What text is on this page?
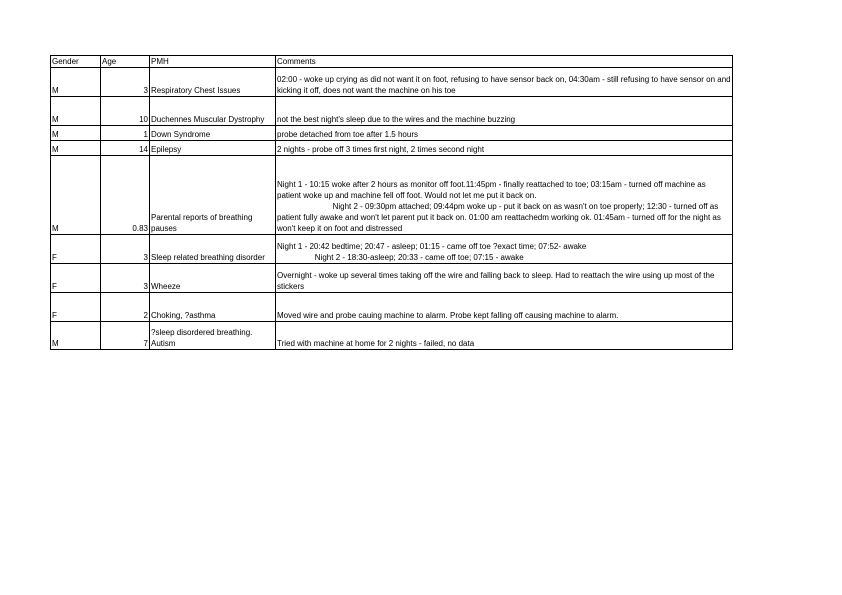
Gender	Age	PMH	Comments
M	3	Respiratory Chest Issues	02:00 - woke up crying as did not want it on foot, refusing to have sensor back on, 04:30am - still refusing to have sensor on and kicking it off, does not want the machine on his toe
M	10	Duchennes Muscular Dystrophy	not the best night's sleep due to the wires and the machine buzzing
M	1	Down Syndrome	probe detached from toe after 1.5 hours
M	14	Epilepsy	2 nights - probe off 3 times first night, 2 times second night
M	0.83	Parental reports of breathing pauses	Night 1 - 10:15 woke after 2 hours as monitor off foot.11:45pm - finally reattached to toe; 03:15am - turned off machine as patient woke up and machine fell off foot. Would not let me put it back on.
Night 2 - 09:30pm attached; 09:44pm woke up - put it back on as wasn't on toe properly; 12:30 - turned off as patient fully awake and won't let parent put it back on. 01:00 am reattachedm working ok. 01:45am - turned off for the night as won't keep it on foot and distressed
F	3	Sleep related breathing disorder	Night 1 - 20:42 bedtime; 20:47 - asleep; 01:15 - came off toe ?exact time; 07:52- awake
Night 2 - 18:30-asleep; 20:33 - came off toe; 07:15 - awake
F	3	Wheeze	Overnight - woke up several times taking off the wire and falling back to sleep. Had to reattach the wire using up most of the stickers
F	2	Choking, ?asthma	Moved wire and probe cauing machine to alarm. Probe kept falling off causing machine to alarm.
M	7	?sleep disordered breathing. Autism	Tried with machine at home for 2 nights - failed, no data
